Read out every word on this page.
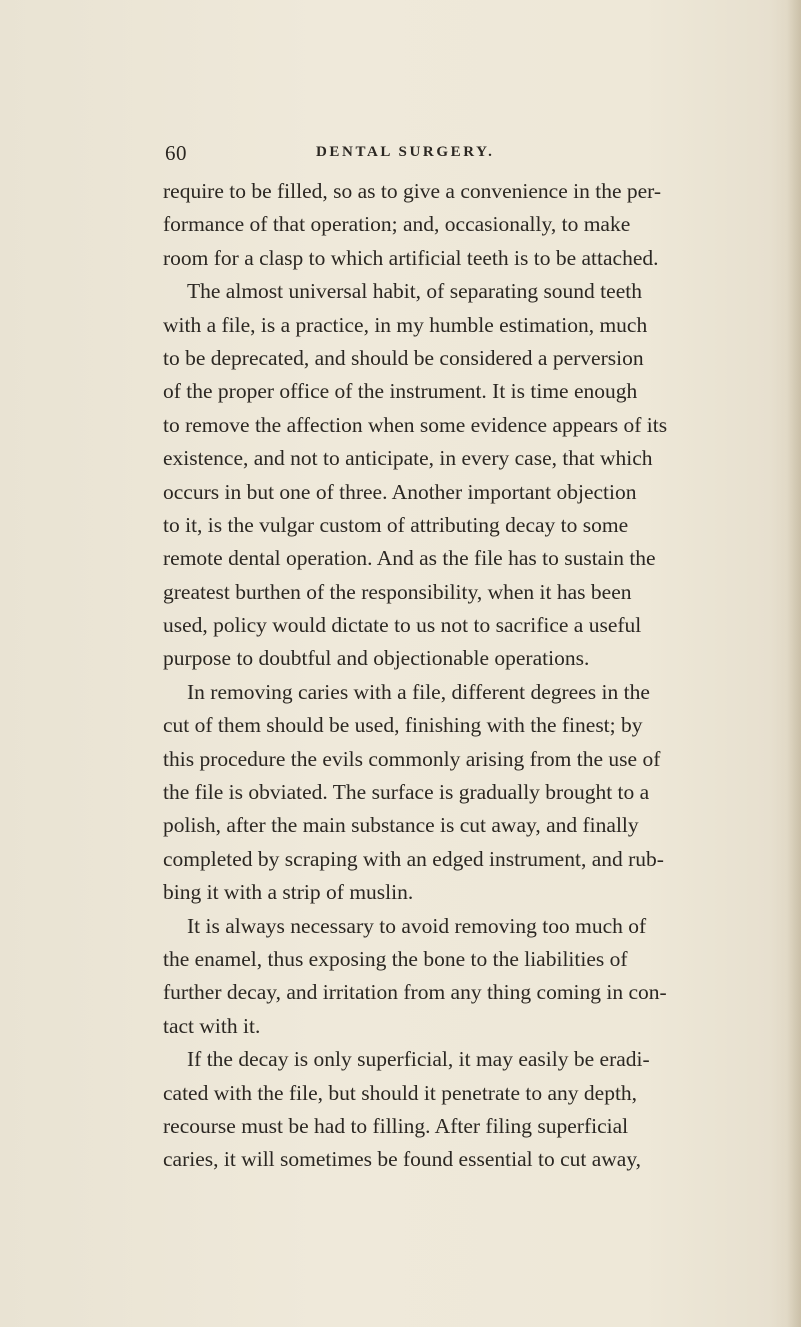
60	DENTAL SURGERY.
require to be filled, so as to give a convenience in the per-
formance of that operation; and, occasionally, to make
room for a clasp to which artificial teeth is to be attached.
The almost universal habit, of separating sound teeth
with a file, is a practice, in my humble estimation, much
to be deprecated, and should be considered a perversion
of the proper office of the instrument. It is time enough
to remove the affection when some evidence appears of its
existence, and not to anticipate, in every case, that which
occurs in but one of three. Another important objection
to it, is the vulgar custom of attributing decay to some
remote dental operation. And as the file has to sustain the
greatest burthen of the responsibility, when it has been
used, policy would dictate to us not to sacrifice a useful
purpose to doubtful and objectionable operations.
In removing caries with a file, different degrees in the
cut of them should be used, finishing with the finest; by
this procedure the evils commonly arising from the use of
the file is obviated. The surface is gradually brought to a
polish, after the main substance is cut away, and finally
completed by scraping with an edged instrument, and rub-
bing it with a strip of muslin.
It is always necessary to avoid removing too much of
the enamel, thus exposing the bone to the liabilities of
further decay, and irritation from any thing coming in con-
tact with it.
If the decay is only superficial, it may easily be eradi-
cated with the file, but should it penetrate to any depth,
recourse must be had to filling. After filing superficial
caries, it will sometimes be found essential to cut away,
